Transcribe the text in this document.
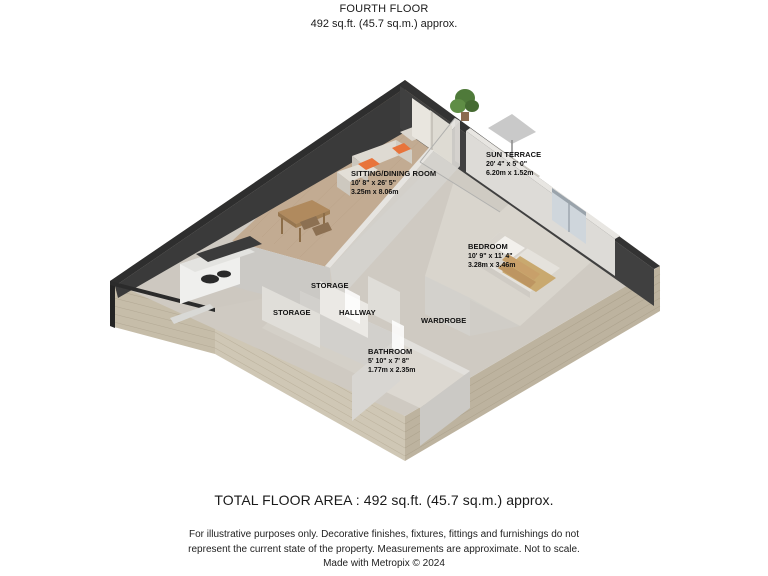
FOURTH FLOOR
492 sq.ft. (45.7 sq.m.) approx.
SITTING/DINING ROOM
10' 8" x 26' 5"
3.25m x 8.06m
SUN TERRACE
20' 4" x 5' 0"
6.20m x 1.52m
BEDROOM
10' 9" x 11' 4"
3.28m x 3.46m
BATHROOM
5' 10" x 7' 8"
1.77m x 2.35m
STORAGE
STORAGE	HALLWAY
WARDROBE
TOTAL FLOOR AREA : 492 sq.ft. (45.7 sq.m.) approx.
For illustrative purposes only. Decorative finishes, fixtures, fittings and furnishings do not
represent the current state of the property. Measurements are approximate. Not to scale.
Made with Metropix © 2024
